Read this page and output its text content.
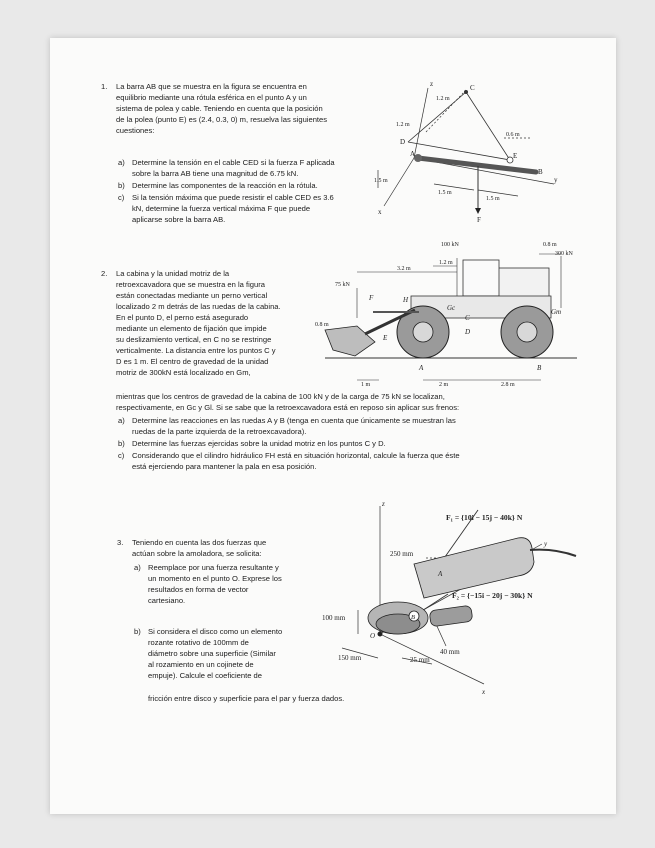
1. La barra AB que se muestra en la figura se encuentra en

equilibrio mediante una rótula esférica en el punto A y un

sistema de polea y cable. Teniendo en cuenta que la posición

de la polea (punto E) es (2.4, 0.3, 0) m, resuelva las siguientes

cuestiones:

a) Determine la tensión en el cable CED si la fuerza F aplicada

sobre la barra AB tiene una magnitud de 6.75 kN.

b) Determine las componentes de la reacción en la rótula.

c) Si la tensión máxima que puede resistir el cable CED es 3.6

kN, determine la fuerza vertical máxima F que puede

aplicarse sobre la barra AB.

z
y
x
C
D
A	E
B
F
1.2 m
1.2 m
0.6 m
1.5 m
1.5 m
1.5 m
100 kN	0.8 m
300 kN
3.2 m
1.2 m
75 kN
0.8 m
1 m	2 m	2.8 m
F	H
E
Gc	Gm
C
D
A	B
2. La cabina y la unidad motriz de la

retroexcavadora que se muestra en la figura

están conectadas mediante un perno vertical

localizado 2 m detrás de las ruedas de la cabina.

En el punto D, el perno está asegurado

mediante un elemento de fijación que impide

su deslizamiento vertical, en C no se restringe

verticalmente. La distancia entre los puntos C y

D es 1 m. El centro de gravedad de la unidad

motriz de 300kN está localizado en Gm,

mientras que los centros de gravedad de la cabina de 100 kN y de la carga de 75 kN se localizan,

respectivamente, en Gc y Gl. Si se sabe que la retroexcavadora está en reposo sin aplicar sus frenos:

a) Determine las reacciones en las ruedas A y B (tenga en cuenta que únicamente se muestran las

ruedas de la parte izquierda de la retroexcavadora).

b) Determine las fuerzas ejercidas sobre la unidad motriz en los puntos C y D.

c) Considerando que el cilindro hidráulico FH está en situación horizontal, calcule la fuerza que éste

está ejerciendo para mantener la pala en esa posición.

z
y
x
A
B
O
F₁ = {10i − 15j − 40k} N
F₂ = {−15i − 20j − 30k} N
250 mm
100 mm
150 mm	25 mm
40 mm
3. Teniendo en cuenta las dos fuerzas que

actúan sobre la amoladora, se solicita:

a) Reemplace por una fuerza resultante y

un momento en el punto O. Exprese los

resultados en forma de vector

cartesiano.

b) Si considera el disco como un elemento

rozante rotativo de 100mm de

diámetro sobre una superficie (Similar

al rozamiento en un cojinete de

empuje). Calcule el coeficiente de

fricción entre disco y superficie para el par y fuerza dados.
